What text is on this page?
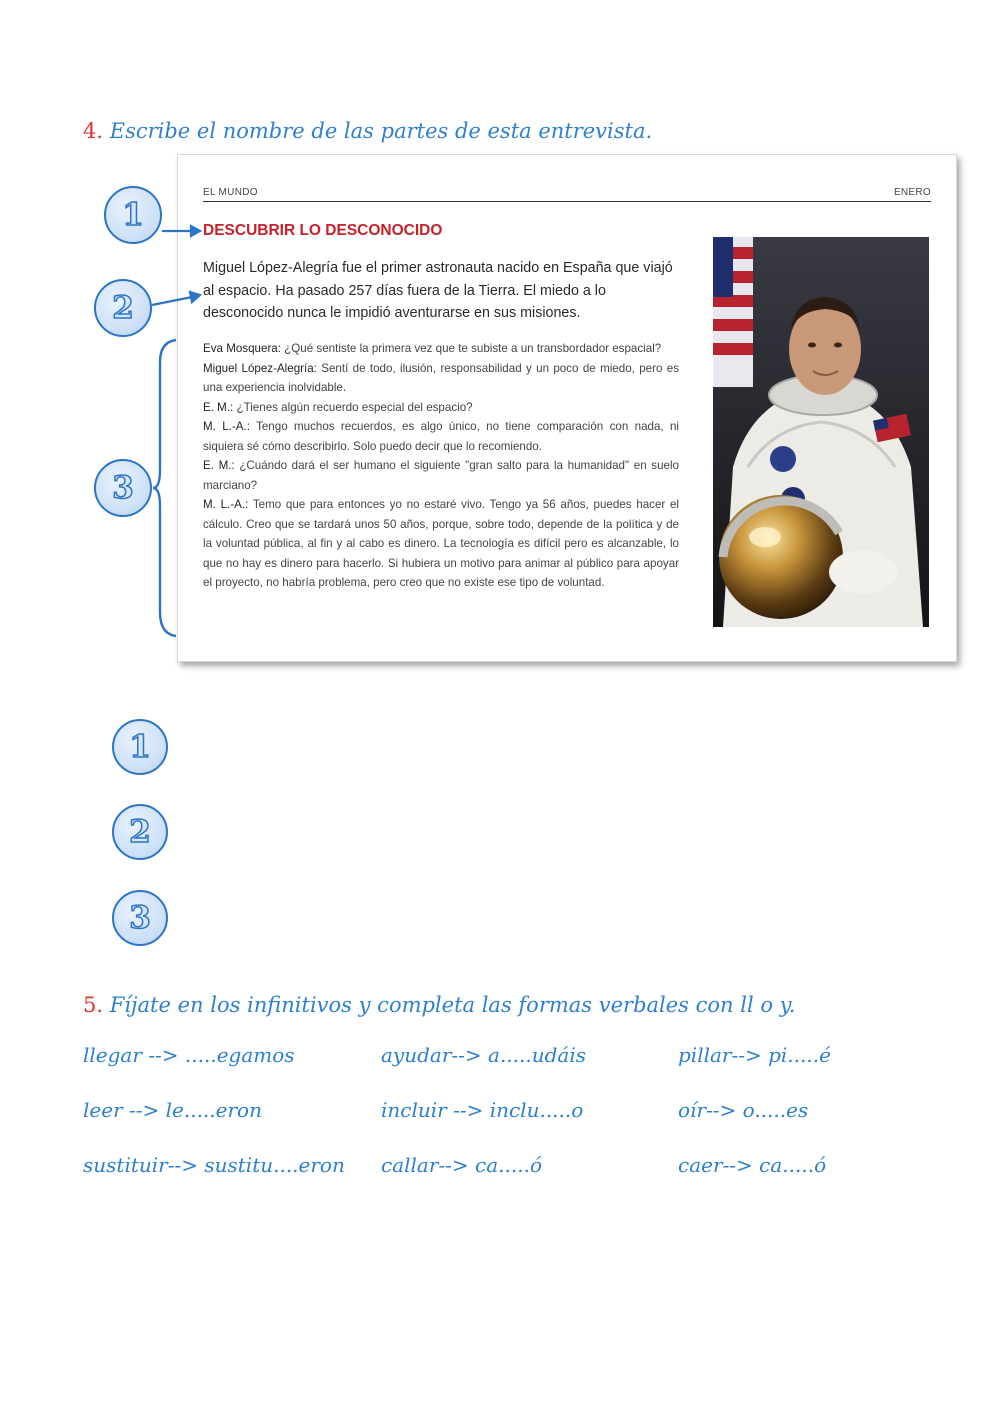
4. Escribe el nombre de las partes de esta entrevista.
EL MUNDO	ENERO
DESCUBRIR LO DESCONOCIDO
Miguel López-Alegría fue el primer astronauta nacido en España que viajó al espacio. Ha pasado 257 días fuera de la Tierra. El miedo a lo desconocido nunca le impidió aventurarse en sus misiones.

Eva Mosquera: ¿Qué sentiste la primera vez que te subiste a un transbordador espacial?

Miguel López-Alegría: Sentí de todo, ilusión, responsabilidad y un poco de miedo, pero es una experiencia inolvidable.

E. M.: ¿Tienes algún recuerdo especial del espacio?

M. L.-A.: Tengo muchos recuerdos, es algo único, no tiene comparación con nada, ni siquiera sé cómo describirlo. Solo puedo decir que lo recomiendo.

E. M.: ¿Cuándo dará el ser humano el siguiente "gran salto para la humanidad" en suelo marciano?

M. L.-A.: Temo que para entonces yo no estaré vivo. Tengo ya 56 años, puedes hacer el cálculo. Creo que se tardará unos 50 años, porque, sobre todo, depende de la política y de la voluntad pública, al fin y al cabo es dinero. La tecnología es difícil pero es alcanzable, lo que no hay es dinero para hacerlo. Si hubiera un motivo para animar al público para apoyar el proyecto, no habría problema, pero creo que no existe ese tipo de voluntad.

1
2
3
1
2
3
5. Fíjate en los infinitivos y completa las formas verbales con ll o y.
llegar --> .....egamos	ayudar--> a.....udáis	pillar--> pi.....é
leer --> le.....eron	incluir --> inclu.....o	oír--> o.....es
sustituir--> sustitu....eron callar--> ca.....ó	caer--> ca.....ó
